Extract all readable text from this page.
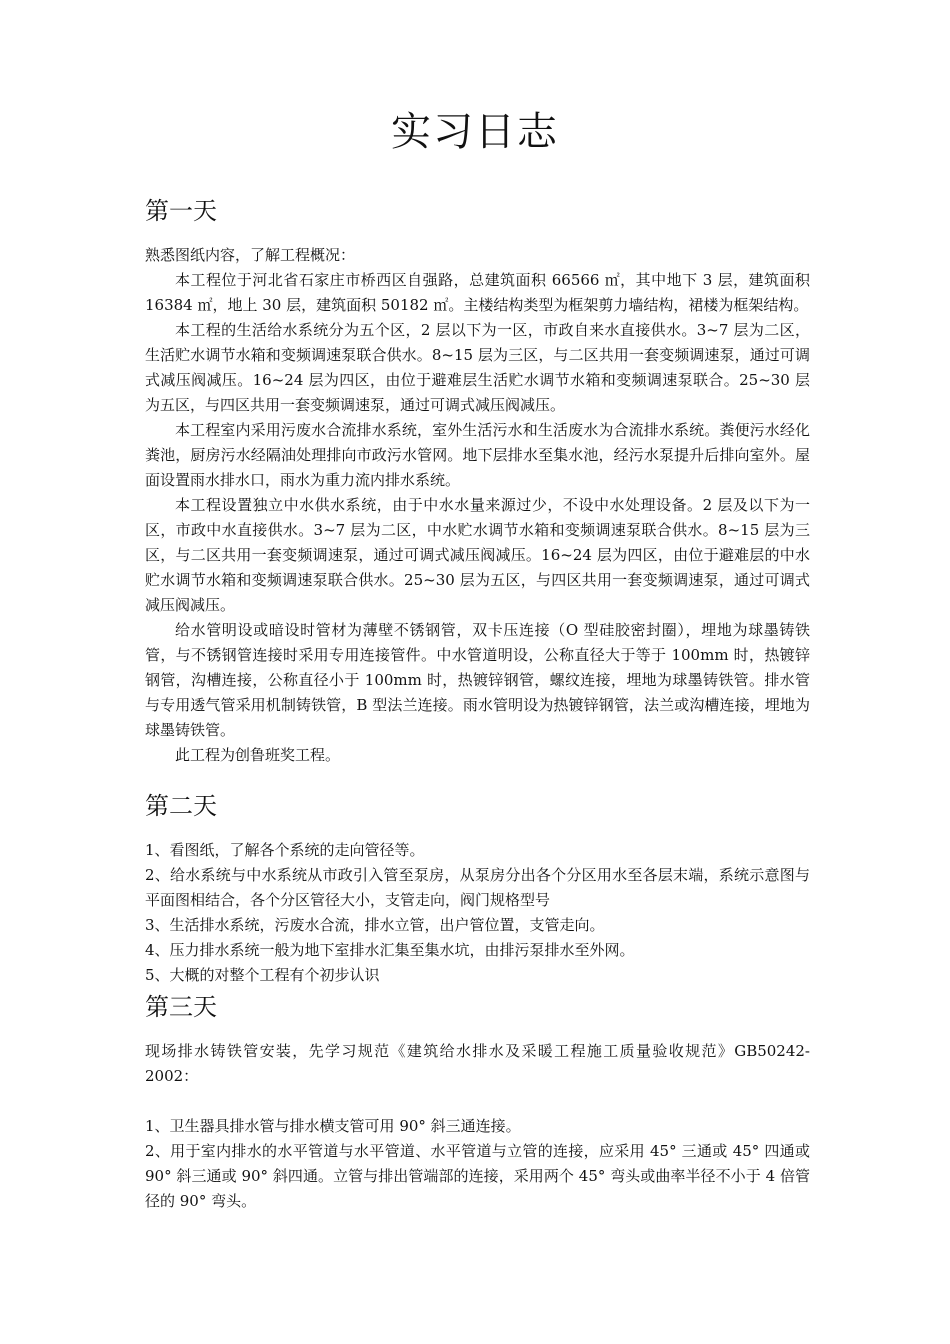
实习日志
第一天

熟悉图纸内容，了解工程概况：

本工程位于河北省石家庄市桥西区自强路，总建筑面积 66566 ㎡，其中地下 3 层，建筑面积 16384 ㎡，地上 30 层，建筑面积 50182 ㎡。主楼结构类型为框架剪力墙结构，裙楼为框架结构。

本工程的生活给水系统分为五个区，2 层以下为一区，市政自来水直接供水。3~7 层为二区，生活贮水调节水箱和变频调速泵联合供水。8~15 层为三区，与二区共用一套变频调速泵，通过可调式减压阀减压。16~24 层为四区，由位于避难层生活贮水调节水箱和变频调速泵联合。25~30 层为五区，与四区共用一套变频调速泵，通过可调式减压阀减压。

本工程室内采用污废水合流排水系统，室外生活污水和生活废水为合流排水系统。粪便污水经化粪池，厨房污水经隔油处理排向市政污水管网。地下层排水至集水池，经污水泵提升后排向室外。屋面设置雨水排水口，雨水为重力流内排水系统。

本工程设置独立中水供水系统，由于中水水量来源过少，不设中水处理设备。2 层及以下为一区，市政中水直接供水。3~7 层为二区，中水贮水调节水箱和变频调速泵联合供水。8~15 层为三区，与二区共用一套变频调速泵，通过可调式减压阀减压。16~24 层为四区，由位于避难层的中水贮水调节水箱和变频调速泵联合供水。25~30 层为五区，与四区共用一套变频调速泵，通过可调式减压阀减压。

给水管明设或暗设时管材为薄壁不锈钢管，双卡压连接（O 型硅胶密封圈），埋地为球墨铸铁管，与不锈钢管连接时采用专用连接管件。中水管道明设，公称直径大于等于 100mm 时，热镀锌钢管，沟槽连接，公称直径小于 100mm 时，热镀锌钢管，螺纹连接，埋地为球墨铸铁管。排水管与专用透气管采用机制铸铁管，B 型法兰连接。雨水管明设为热镀锌钢管，法兰或沟槽连接，埋地为球墨铸铁管。

此工程为创鲁班奖工程。

第二天

1、看图纸，了解各个系统的走向管径等。

2、给水系统与中水系统从市政引入管至泵房，从泵房分出各个分区用水至各层末端，系统示意图与平面图相结合，各个分区管径大小，支管走向，阀门规格型号

3、生活排水系统，污废水合流，排水立管，出户管位置，支管走向。

4、压力排水系统一般为地下室排水汇集至集水坑，由排污泵排水至外网。

5、大概的对整个工程有个初步认识

第三天

现场排水铸铁管安装，先学习规范《建筑给水排水及采暖工程施工质量验收规范》GB50242-2002：

1、卫生器具排水管与排水横支管可用 90° 斜三通连接。

2、用于室内排水的水平管道与水平管道、水平管道与立管的连接，应采用 45° 三通或 45° 四通或 90° 斜三通或 90° 斜四通。立管与排出管端部的连接，采用两个 45° 弯头或曲率半径不小于 4 倍管径的 90° 弯头。
